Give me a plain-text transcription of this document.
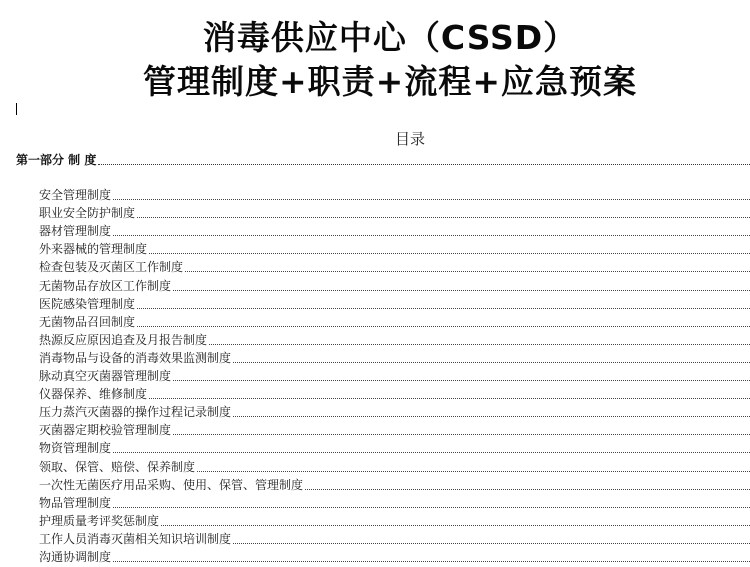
消毒供应中心（CSSD）
管理制度+职责+流程+应急预案
目录
第一部分 制 度
安全管理制度
职业安全防护制度
器材管理制度
外来器械的管理制度
检查包装及灭菌区工作制度
无菌物品存放区工作制度
医院感染管理制度
无菌物品召回制度
热源反应原因追查及月报告制度
消毒物品与设备的消毒效果监测制度
脉动真空灭菌器管理制度
仪器保养、维修制度
压力蒸汽灭菌器的操作过程记录制度
灭菌器定期校验管理制度
物资管理制度
领取、保管、赔偿、保养制度
一次性无菌医疗用品采购、使用、保管、管理制度
物品管理制度
护理质量考评奖惩制度
工作人员消毒灭菌相关知识培训制度
沟通协调制度
